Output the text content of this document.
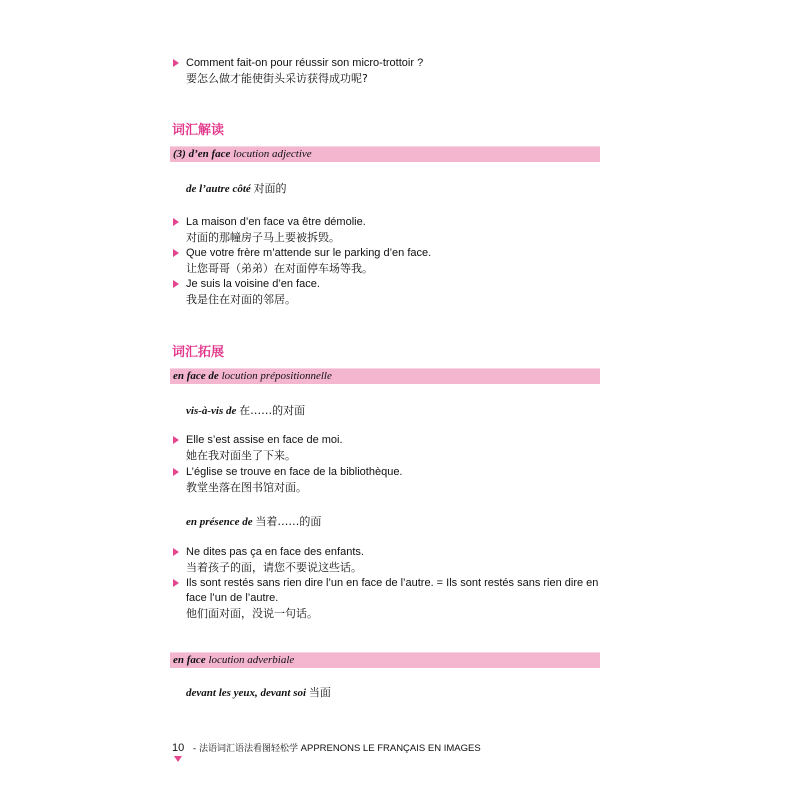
Comment fait-on pour réussir son micro-trottoir ?
要怎么做才能使街头采访获得成功呢?
词汇解读
(3) d’en face locution adjective
de l’autre côté 对面的
La maison d’en face va être démolie.
对面的那幢房子马上要被拆毁。
Que votre frère m’attende sur le parking d’en face.
让您哥哥（弟弟）在对面停车场等我。
Je suis la voisine d’en face.
我是住在对面的邻居。
词汇拓展
en face de locution prépositionnelle
vis-à-vis de 在……的对面
Elle s’est assise en face de moi.
她在我对面坐了下来。
L’église se trouve en face de la bibliothèque.
教堂坐落在图书馆对面。
en présence de 当着……的面
Ne dites pas ça en face des enfants.
当着孩子的面，请您不要说这些话。
Ils sont restés sans rien dire l’un en face de l’autre. = Ils sont restés sans rien dire en
face l’un de l’autre.
他们面对面，没说一句话。
en face locution adverbiale
devant les yeux, devant soi 当面
10 - 法语词汇语法看图轻松学 APPRENONS LE FRANÇAIS EN IMAGES
